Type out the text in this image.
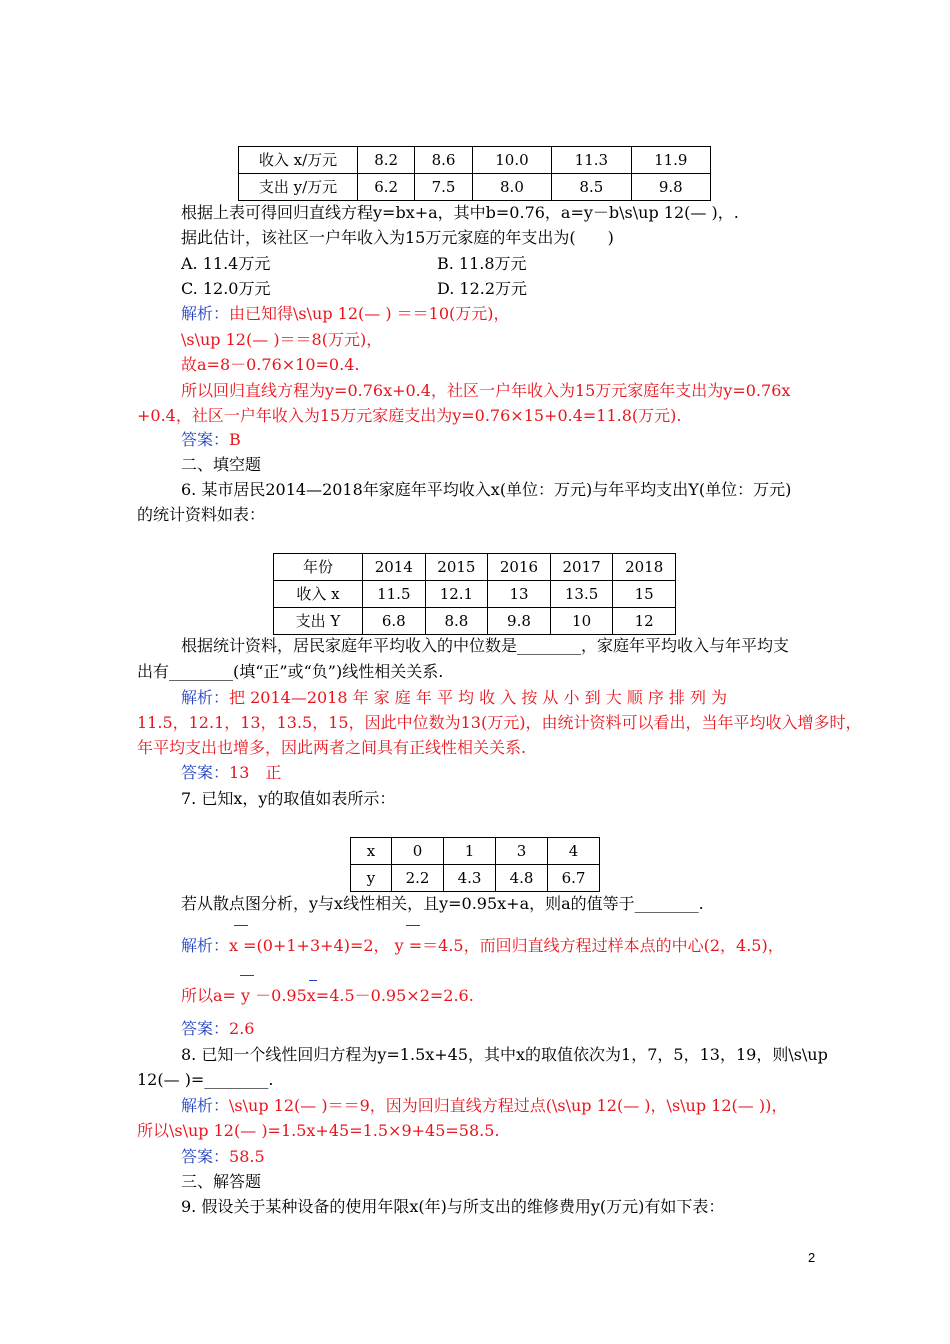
收入 x/万元	8.2	8.6	10.0	11.3	11.9
支出 y/万元	6.2	7.5	8.0	8.5	9.8
根据上表可得回归直线方程y=bx+a，其中b=0.76，a=y－b\s\up 12(— )，.
据此估计，该社区一户年收入为15万元家庭的年支出为(　　)
A. 11.4万元	B. 11.8万元
C. 12.0万元	D. 12.2万元
解析：由已知得\s\up 12(— ) ＝＝10(万元)，
\s\up 12(— )＝＝8(万元)，
故a=8－0.76×10=0.4.
所以回归直线方程为y=0.76x+0.4，社区一户年收入为15万元家庭年支出为y=0.76x
+0.4，社区一户年收入为15万元家庭支出为y=0.76×15+0.4=11.8(万元).
答案：B
二、填空题
6. 某市居民2014—2018年家庭年平均收入x(单位：万元)与年平均支出Y(单位：万元)
的统计资料如表：
年份	2014	2015	2016	2017	2018
收入 x	11.5	12.1	13	13.5	15
支出 Y	6.8	8.8	9.8	10	12
根据统计资料，居民家庭年平均收入的中位数是________，家庭年平均收入与年平均支
出有________(填“正”或“负”)线性相关关系.
解析：把 2014—2018 年 家 庭 年 平 均 收 入 按 从 小 到 大 顺 序 排 列 为
11.5，12.1，13，13.5，15，因此中位数为13(万元)，由统计资料可以看出，当年平均收入增多时，
年平均支出也增多，因此两者之间具有正线性相关关系.
答案：13　正
7. 已知x，y的取值如表所示：
x	0	1	3	4
y	2.2	4.3	4.8	6.7
若从散点图分析，y与x线性相关，且y=0.95x+a，则a的值等于________.
解析：x =(0+1+3+4)=2， y =＝4.5，而回归直线方程过样本点的中心(2，4.5)，
所以a= y －0.95x=4.5－0.95×2=2.6.
答案：2.6
8. 已知一个线性回归方程为y=1.5x+45，其中x的取值依次为1，7，5，13，19，则\s\up
12(— )=________.
解析：\s\up 12(— )＝＝9，因为回归直线方程过点(\s\up 12(— )，\s\up 12(— ))，
所以\s\up 12(— )=1.5x+45=1.5×9+45=58.5.
答案：58.5
三、解答题
9. 假设关于某种设备的使用年限x(年)与所支出的维修费用y(万元)有如下表：
2
